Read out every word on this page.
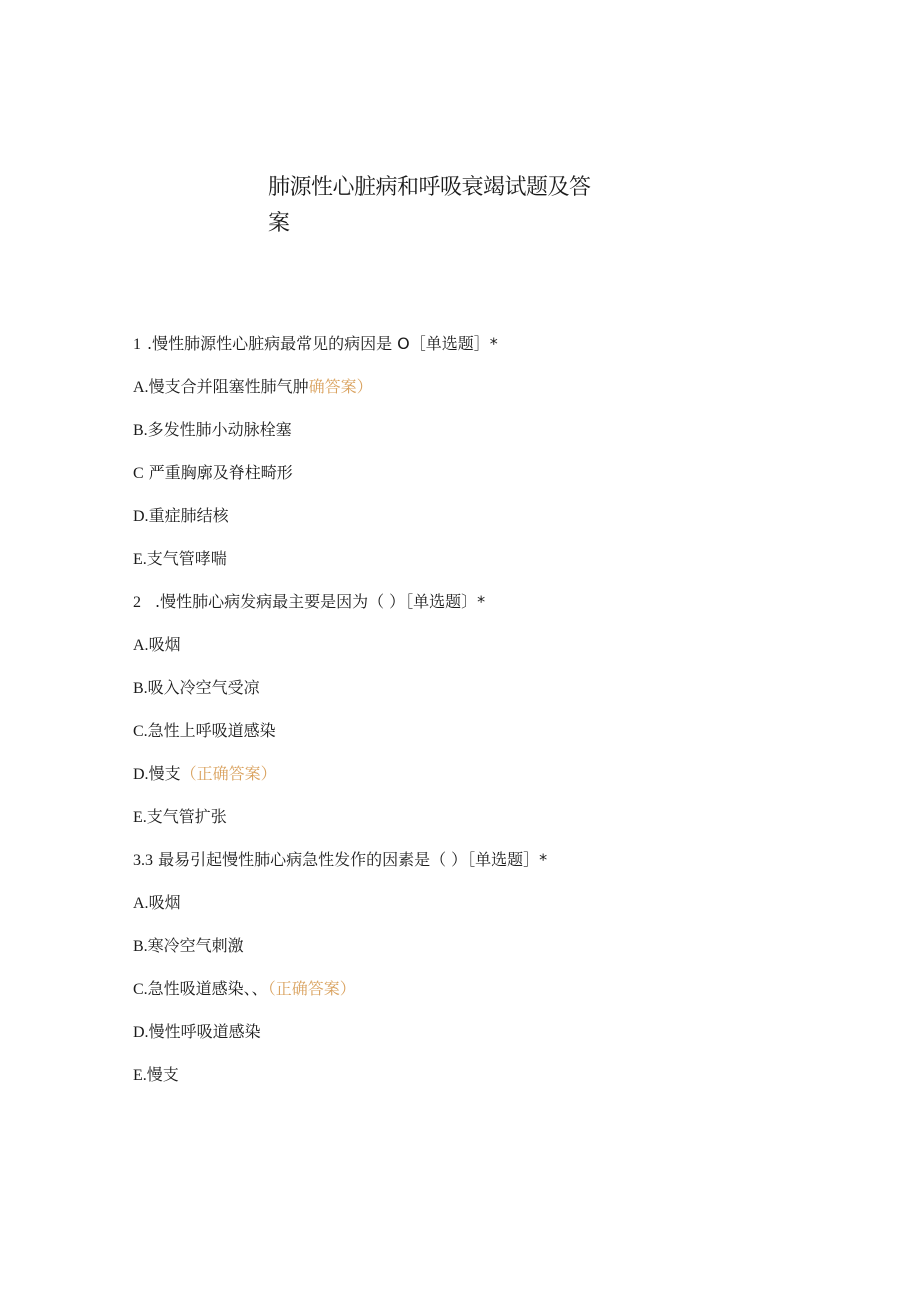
肺源性心脏病和呼吸衰竭试题及答
案

1 .慢性肺源性心脏病最常见的病因是 O［单选题］*

A.慢支合并阻塞性肺气肿确答案）

B.多发性肺小动脉栓塞

C 严重胸廓及脊柱畸形

D.重症肺结核

E.支气管哮喘

2 .慢性肺心病发病最主要是因为（ ）［单选题〕*

A.吸烟

B.吸入冷空气受凉

C.急性上呼吸道感染

D.慢支（正确答案）

E.支气管扩张

3.3 最易引起慢性肺心病急性发作的因素是（ ）［单选题］*

A.吸烟

B.寒冷空气刺激

C.急性吸道感染、、（正确答案）

D.慢性呼吸道感染

E.慢支
